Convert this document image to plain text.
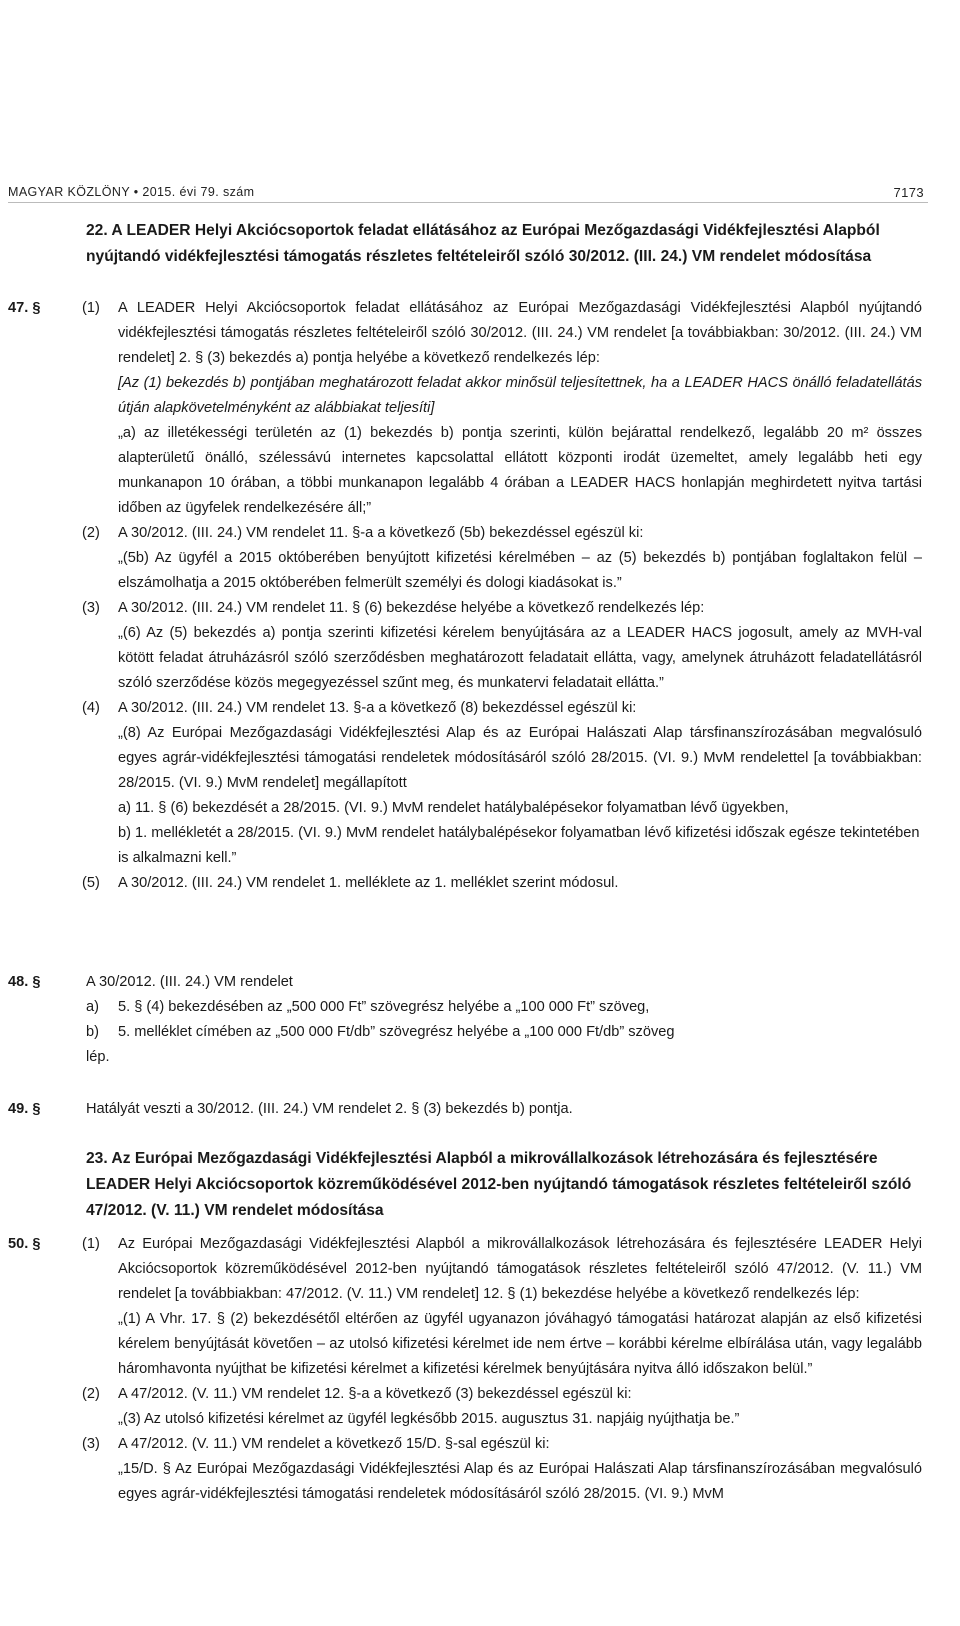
MAGYAR KÖZLÖNY • 2015. évi 79. szám	7173
22. A LEADER Helyi Akciócsoportok feladat ellátásához az Európai Mezőgazdasági Vidékfejlesztési Alapból nyújtandó vidékfejlesztési támogatás részletes feltételeiről szóló 30/2012. (III. 24.) VM rendelet módosítása
47. §	(1)	A LEADER Helyi Akciócsoportok feladat ellátásához az Európai Mezőgazdasági Vidékfejlesztési Alapból nyújtandó vidékfejlesztési támogatás részletes feltételeiről szóló 30/2012. (III. 24.) VM rendelet [a továbbiakban: 30/2012. (III. 24.) VM rendelet] 2. § (3) bekezdés a) pontja helyébe a következő rendelkezés lép:
[Az (1) bekezdés b) pontjában meghatározott feladat akkor minősül teljesítettnek, ha a LEADER HACS önálló feladatellátás útján alapkövetelményként az alábbiakat teljesíti]
„a) az illetékességi területén az (1) bekezdés b) pontja szerinti, külön bejárattal rendelkező, legalább 20 m² összes alapterületű önálló, szélessávú internetes kapcsolattal ellátott központi irodát üzemeltet, amely legalább heti egy munkanapon 10 órában, a többi munkanapon legalább 4 órában a LEADER HACS honlapján meghirdetett nyitva tartási időben az ügyfelek rendelkezésére áll;”
(2)	A 30/2012. (III. 24.) VM rendelet 11. §-a a következő (5b) bekezdéssel egészül ki:
„(5b) Az ügyfél a 2015 októberében benyújtott kifizetési kérelmében – az (5) bekezdés b) pontjában foglaltakon felül – elszámolhatja a 2015 októberében felmerült személyi és dologi kiadásokat is.”
(3)	A 30/2012. (III. 24.) VM rendelet 11. § (6) bekezdése helyébe a következő rendelkezés lép:
„(6) Az (5) bekezdés a) pontja szerinti kifizetési kérelem benyújtására az a LEADER HACS jogosult, amely az MVH-val kötött feladat átruházásról szóló szerződésben meghatározott feladatait ellátta, vagy, amelynek átruházott feladatellátásról szóló szerződése közös megegyezéssel szűnt meg, és munkatervi feladatait ellátta.”
(4)	A 30/2012. (III. 24.) VM rendelet 13. §-a a következő (8) bekezdéssel egészül ki:
„(8) Az Európai Mezőgazdasági Vidékfejlesztési Alap és az Európai Halászati Alap társfinanszírozásában megvalósuló egyes agrár-vidékfejlesztési támogatási rendeletek módosításáról szóló 28/2015. (VI. 9.) MvM rendelettel [a továbbiakban: 28/2015. (VI. 9.) MvM rendelet] megállapított
a) 11. § (6) bekezdését a 28/2015. (VI. 9.) MvM rendelet hatálybalépésekor folyamatban lévő ügyekben,
b) 1. mellékletét a 28/2015. (VI. 9.) MvM rendelet hatálybalépésekor folyamatban lévő kifizetési időszak egésze tekintetében
is alkalmazni kell.”
(5)	A 30/2012. (III. 24.) VM rendelet 1. melléklete az 1. melléklet szerint módosul.
48. §	A 30/2012. (III. 24.) VM rendelet
a)	5. § (4) bekezdésében az „500 000 Ft” szövegrész helyébe a „100 000 Ft” szöveg,
b)	5. melléklet címében az „500 000 Ft/db” szövegrész helyébe a „100 000 Ft/db” szöveg
lép.
49. §	Hatályát veszti a 30/2012. (III. 24.) VM rendelet 2. § (3) bekezdés b) pontja.
23. Az Európai Mezőgazdasági Vidékfejlesztési Alapból a mikrovállalkozások létrehozására és fejlesztésére LEADER Helyi Akciócsoportok közreműködésével 2012-ben nyújtandó támogatások részletes feltételeiről szóló 47/2012. (V. 11.) VM rendelet módosítása
50. §	(1)	Az Európai Mezőgazdasági Vidékfejlesztési Alapból a mikrovállalkozások létrehozására és fejlesztésére LEADER Helyi Akciócsoportok közreműködésével 2012-ben nyújtandó támogatások részletes feltételeiről szóló 47/2012. (V. 11.) VM rendelet [a továbbiakban: 47/2012. (V. 11.) VM rendelet] 12. § (1) bekezdése helyébe a következő rendelkezés lép:
„(1) A Vhr. 17. § (2) bekezdésétől eltérően az ügyfél ugyanazon jóváhagyó támogatási határozat alapján az első kifizetési kérelem benyújtását követően – az utolsó kifizetési kérelmet ide nem értve – korábbi kérelme elbírálása után, vagy legalább háromhavonta nyújthat be kifizetési kérelmet a kifizetési kérelmek benyújtására nyitva álló időszakon belül.”
(2)	A 47/2012. (V. 11.) VM rendelet 12. §-a a következő (3) bekezdéssel egészül ki:
„(3) Az utolsó kifizetési kérelmet az ügyfél legkésőbb 2015. augusztus 31. napjáig nyújthatja be.”
(3)	A 47/2012. (V. 11.) VM rendelet a következő 15/D. §-sal egészül ki:
„15/D. § Az Európai Mezőgazdasági Vidékfejlesztési Alap és az Európai Halászati Alap társfinanszírozásában megvalósuló egyes agrár-vidékfejlesztési támogatási rendeletek módosításáról szóló 28/2015. (VI. 9.) MvM
